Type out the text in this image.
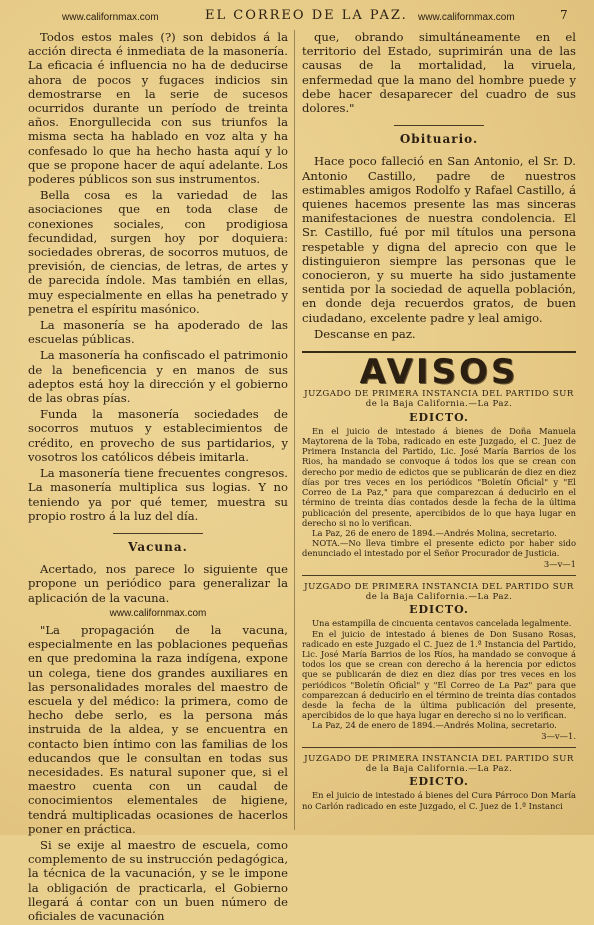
www.californmax.com	EL CORREO DE LA PAZ. www.californmax.com	7

Todos estos males (?) son debidos á la acción directa é inmediata de la masonería. La eficacia é influencia no ha de deducirse ahora de pocos y fugaces indicios sin demostrarse en la serie de sucesos ocurridos durante un período de treinta años. Enorgullecida con sus triunfos la misma secta ha hablado en voz alta y ha confesado lo que ha hecho hasta aquí y lo que se propone hacer de aquí adelante. Los poderes públicos son sus instrumentos.

Bella cosa es la variedad de las asociaciones que en toda clase de conexiones sociales, con prodigiosa fecundidad, surgen hoy por doquiera: sociedades obreras, de socorros mutuos, de previsión, de ciencias, de letras, de artes y de parecida índole. Mas también en ellas, muy especialmente en ellas ha penetrado y penetra el espíritu masónico.

La masonería se ha apoderado de las escuelas públicas.

La masonería ha confiscado el patrimonio de la beneficencia y en manos de sus adeptos está hoy la dirección y el gobierno de las obras pías.

Funda la masonería sociedades de socorros mutuos y establecimientos de crédito, en provecho de sus partidarios, y vosotros los católicos débeis imitarla.

La masonería tiene frecuentes congresos. La masonería multiplica sus logias. Y no teniendo ya por qué temer, muestra su propio rostro á la luz del día.

Vacuna.

Acertado, nos parece lo siguiente que propone un periódico para generalizar la aplicación de la vacuna.

www.californmax.com

"La propagación de la vacuna, especialmente en las poblaciones pequeñas en que predomina la raza indígena, expone un colega, tiene dos grandes auxiliares en las personalidades morales del maestro de escuela y del médico: la primera, como de hecho debe serlo, es la persona más instruida de la aldea, y se encuentra en contacto bien íntimo con las familias de los educandos que le consultan en todas sus necesidades. Es natural suponer que, si el maestro cuenta con un caudal de conocimientos elementales de higiene, tendrá multiplicadas ocasiones de hacerlos poner en práctica.

Si se exije al maestro de escuela, como complemento de su instrucción pedagógica, la técnica de la vacunación, y se le impone la obligación de practicarla, el Gobierno llegará á contar con un buen número de oficiales de vacunación

que, obrando simultáneamente en el territorio del Estado, suprimirán una de las causas de la mortalidad, la viruela, enfermedad que la mano del hombre puede y debe hacer desaparecer del cuadro de sus dolores."

Obituario.

Hace poco falleció en San Antonio, el Sr. D. Antonio Castillo, padre de nuestros estimables amigos Rodolfo y Rafael Castillo, á quienes hacemos presente las mas sinceras manifestaciones de nuestra condolencia. El Sr. Castillo, fué por mil títulos una persona respetable y digna del aprecio con que le distinguieron siempre las personas que le conocieron, y su muerte ha sido justamente sentida por la sociedad de aquella población, en donde deja recuerdos gratos, de buen ciudadano, excelente padre y leal amigo.

Descanse en paz.

AVISOS
JUZGADO DE PRIMERA INSTANCIA DEL PARTIDO SUR de la Baja California.—La Paz.
EDICTO.

En el juicio de intestado á bienes de Doña Manuela Maytorena de la Toba, radicado en este Juzgado, el C. Juez de Primera Instancia del Partido, Lic. José María Barrios de los Rios, ha mandado se convoque á todos los que se crean con derecho por medio de edictos que se publicarán de diez en diez días por tres veces en los periódicos "Boletín Oficial" y "El Correo de La Paz," para que comparezcan á deducirlo en el término de treinta días contados desde la fecha de la última publicación del presente, apercibidos de lo que haya lugar en derecho si no lo verifican.

La Paz, 26 de enero de 1894.—Andrés Molina, secretario.

NOTA.—No lleva timbre el presente edicto por haber sido denunciado el intestado por el Señor Procurador de Justicia.

3—v—1
JUZGADO DE PRIMERA INSTANCIA DEL PARTIDO SUR de la Baja California.—La Paz.
EDICTO.

Una estampilla de cincuenta centavos cancelada legalmente.

En el juicio de intestado á bienes de Don Susano Rosas, radicado en este Juzgado el C. Juez de 1.ª Instancia del Partido, Lic. José María Barrios de los Ríos, ha mandado se convoque á todos los que se crean con derecho á la herencia por edictos que se publicarán de diez en diez días por tres veces en los periódicos "Boletín Oficial" y "El Correo de La Paz" para que comparezcan á deducirlo en el término de treinta días contados desde la fecha de la última publicación del presente, apercibidos de lo que haya lugar en derecho si no lo verifican.

La Paz, 24 de enero de 1894.—Andrés Molina, secretario.

3—v—1.
JUZGADO DE PRIMERA INSTANCIA DEL PARTIDO SUR de la Baja California.—La Paz.
EDICTO.

En el juicio de intestado á bienes del Cura Párroco Don María no Carlón radicado en este Juzgado, el C. Juez de 1.ª Instanci
